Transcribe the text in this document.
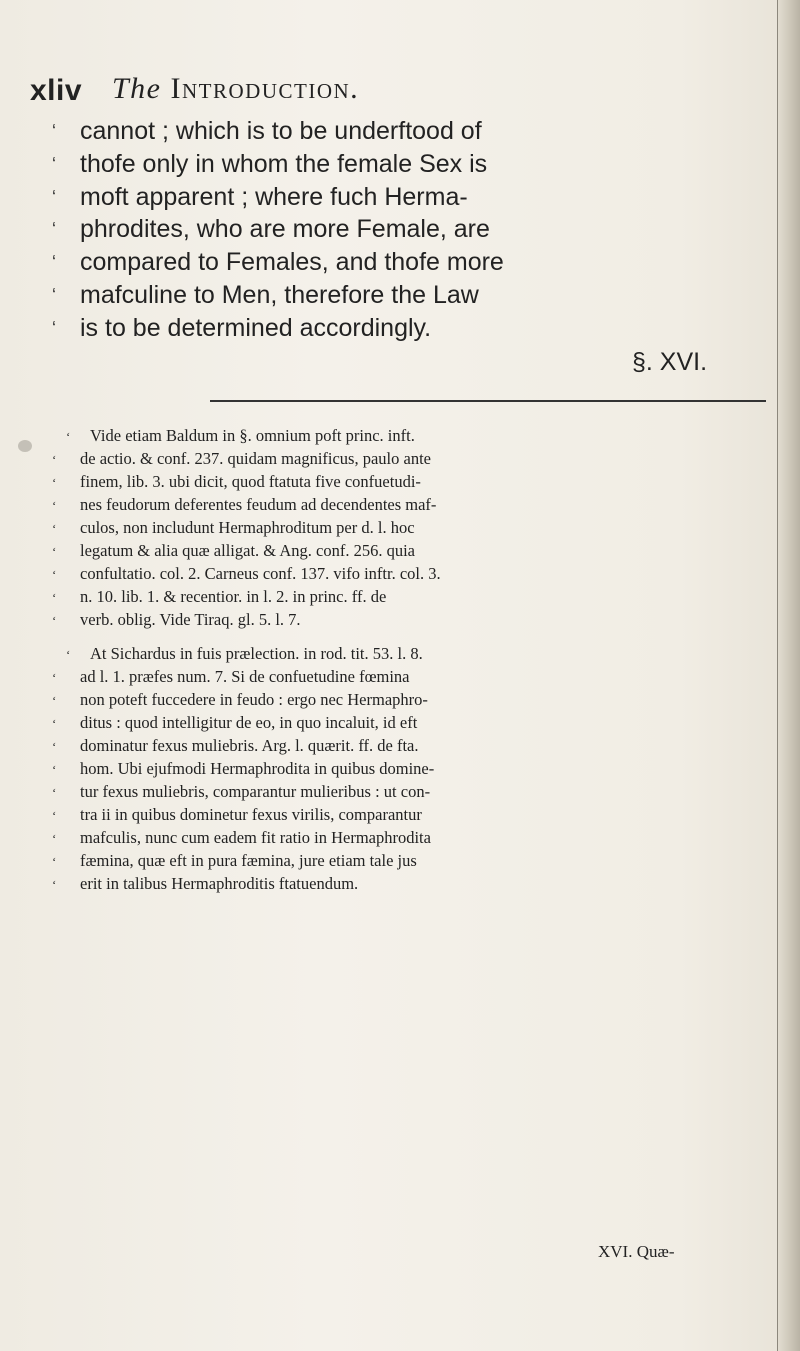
xliv The Introduction.
‘ cannot ; which is to be underftood of
‘ thofe only in whom the female Sex is
‘ moft apparent ; where fuch Herma-
‘ phrodites, who are more Female, are
‘ compared to Females, and thofe more
‘ mafculine to Men, therefore the Law
‘ is to be determined accordingly.
§. XVI.
‘ Vide etiam Baldum in §. omnium poft princ. inft.
‘ de actio. & conf. 237. quidam magnificus, paulo ante
‘ finem, lib. 3. ubi dicit, quod ftatuta five confuetudi-
‘ nes feudorum deferentes feudum ad decendentes maf-
‘ culos, non includunt Hermaphroditum per d. l. hoc
‘ legatum & alia quæ alligat. & Ang. conf. 256. quia
‘ confultatio. col. 2. Carneus conf. 137. vifo inftr. col. 3.
‘ n. 10. lib. 1. & recentior. in l. 2. in princ. ff. de
‘ verb. oblig. Vide Tiraq. gl. 5. l. 7.
‘ At Sichardus in fuis prælection. in rod. tit. 53. l. 8.
‘ ad l. 1. præfes num. 7. Si de confuetudine fœmina
‘ non poteft fuccedere in feudo : ergo nec Hermaphro-
‘ ditus : quod intelligitur de eo, in quo incaluit, id eft
‘ dominatur fexus muliebris. Arg. l. quærit. ff. de fta.
‘ hom. Ubi ejufmodi Hermaphrodita in quibus domine-
‘ tur fexus muliebris, comparantur mulieribus : ut con-
‘ tra ii in quibus dominetur fexus virilis, comparantur
‘ mafculis, nunc cum eadem fit ratio in Hermaphrodita
‘ fæmina, quæ eft in pura fæmina, jure etiam tale jus
‘ erit in talibus Hermaphroditis ftatuendum.
XVI. Quæ-
